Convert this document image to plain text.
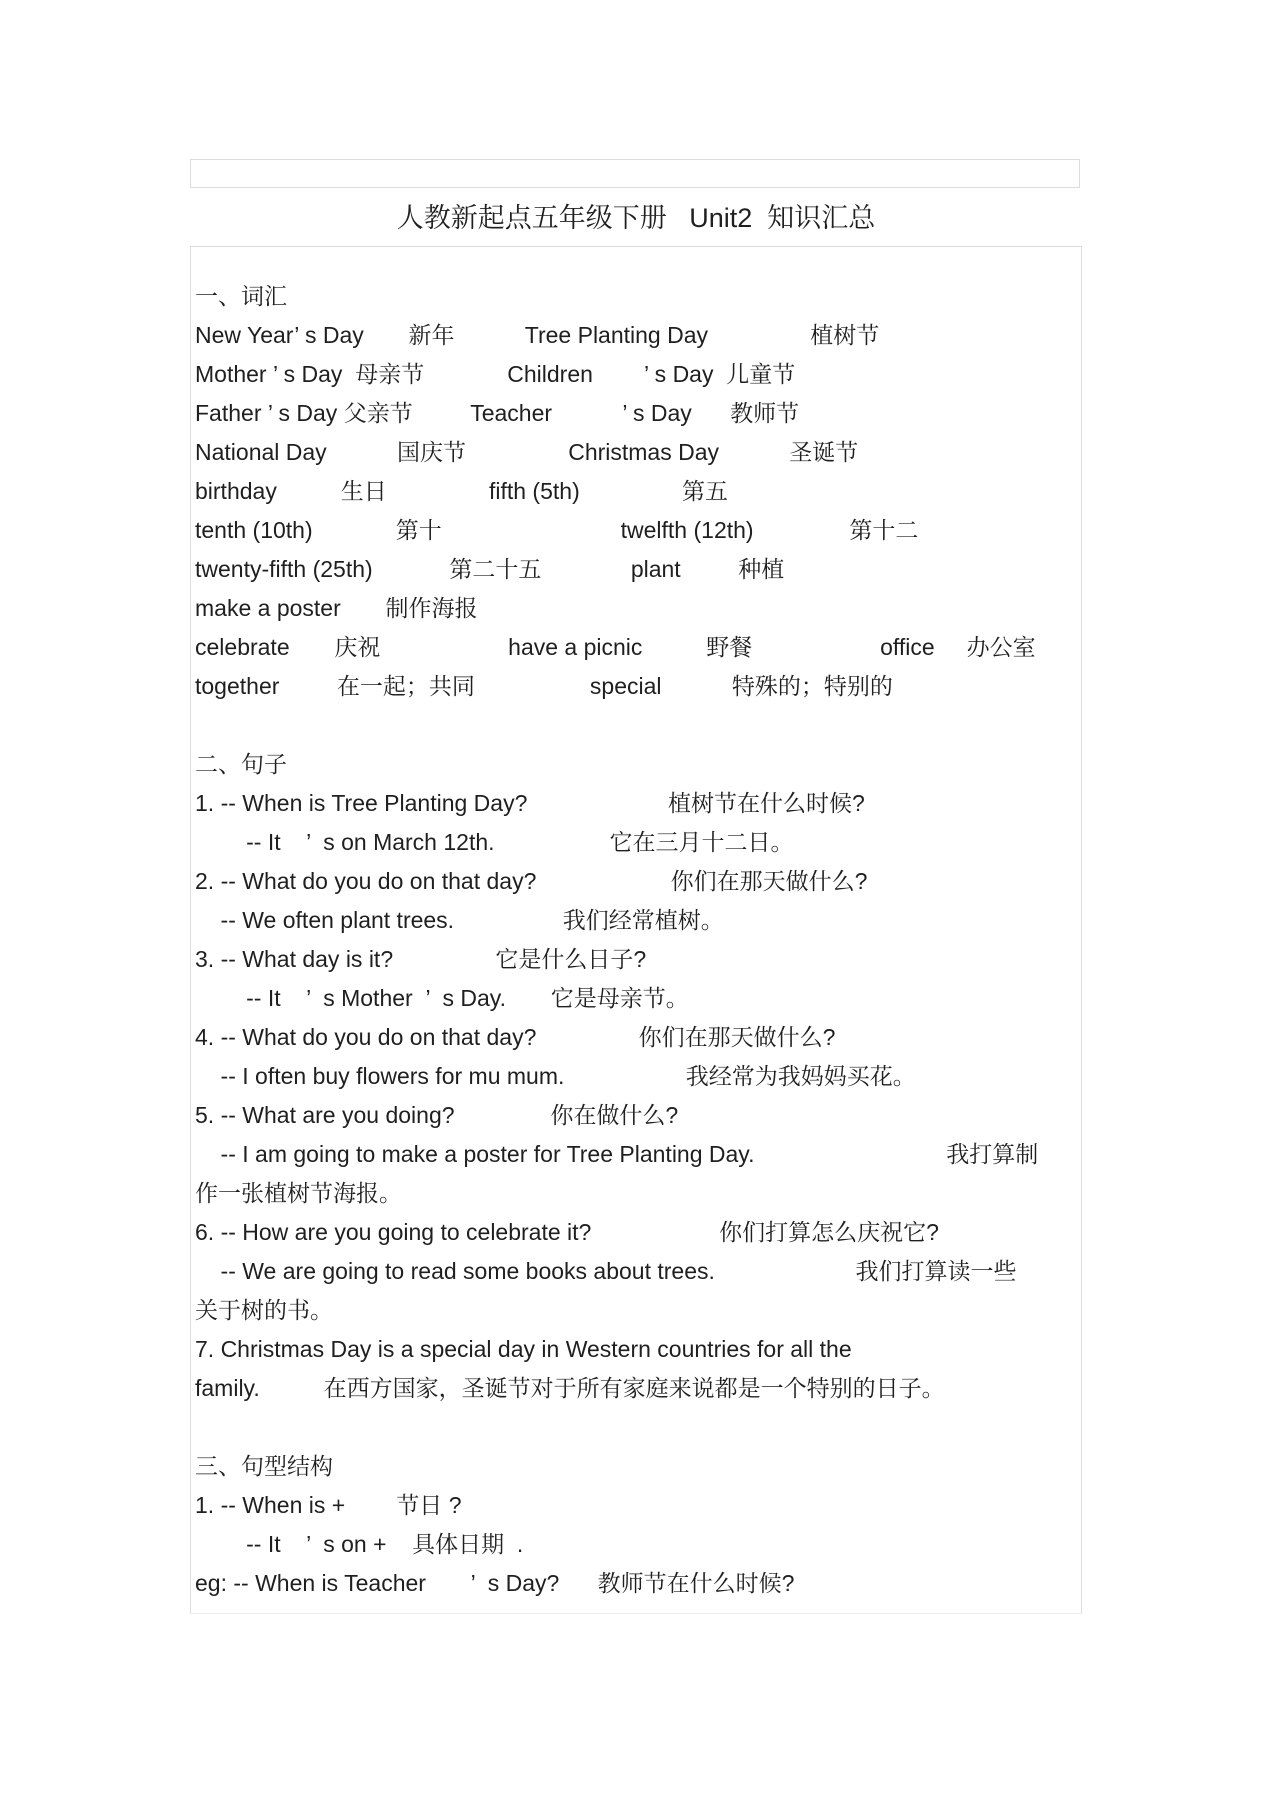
人教新起点五年级下册   Unit2  知识汇总
一、词汇
New Year’ s Day       新年           Tree Planting Day                植树节
Mother ’ s Day  母亲节             Children        ’ s Day  儿童节
Father ’ s Day 父亲节         Teacher           ’ s Day      教师节
National Day           国庆节                Christmas Day           圣诞节
birthday          生日                fifth (5th)                第五
tenth (10th)             第十                            twelfth (12th)               第十二
twenty-fifth (25th)            第二十五              plant         种植
make a poster       制作海报
celebrate       庆祝                    have a picnic          野餐                    office     办公室
together         在一起；共同                  special           特殊的；特别的
二、句子
1. -- When is Tree Planting Day?                      植树节在什么时候?
-- It    ’  s on March 12th.                  它在三月十二日。
2. -- What do you do on that day?                     你们在那天做什么?
-- We often plant trees.                 我们经常植树。
3. -- What day is it?                它是什么日子?
-- It    ’  s Mother  ’  s Day.       它是母亲节。
4. -- What do you do on that day?                你们在那天做什么?
-- I often buy flowers for mu mum.                   我经常为我妈妈买花。
5. -- What are you doing?               你在做什么?
-- I am going to make a poster for Tree Planting Day.                              我打算制
作一张植树节海报。
6. -- How are you going to celebrate it?                    你们打算怎么庆祝它?
-- We are going to read some books about trees.                      我们打算读一些
关于树的书。
7. Christmas Day is a special day in Western countries for all the
family.          在西方国家，圣诞节对于所有家庭来说都是一个特别的日子。
三、句型结构
1. -- When is +        节日 ?
-- It    ’  s on +    具体日期  .
eg: -- When is Teacher       ’  s Day?      教师节在什么时候?
